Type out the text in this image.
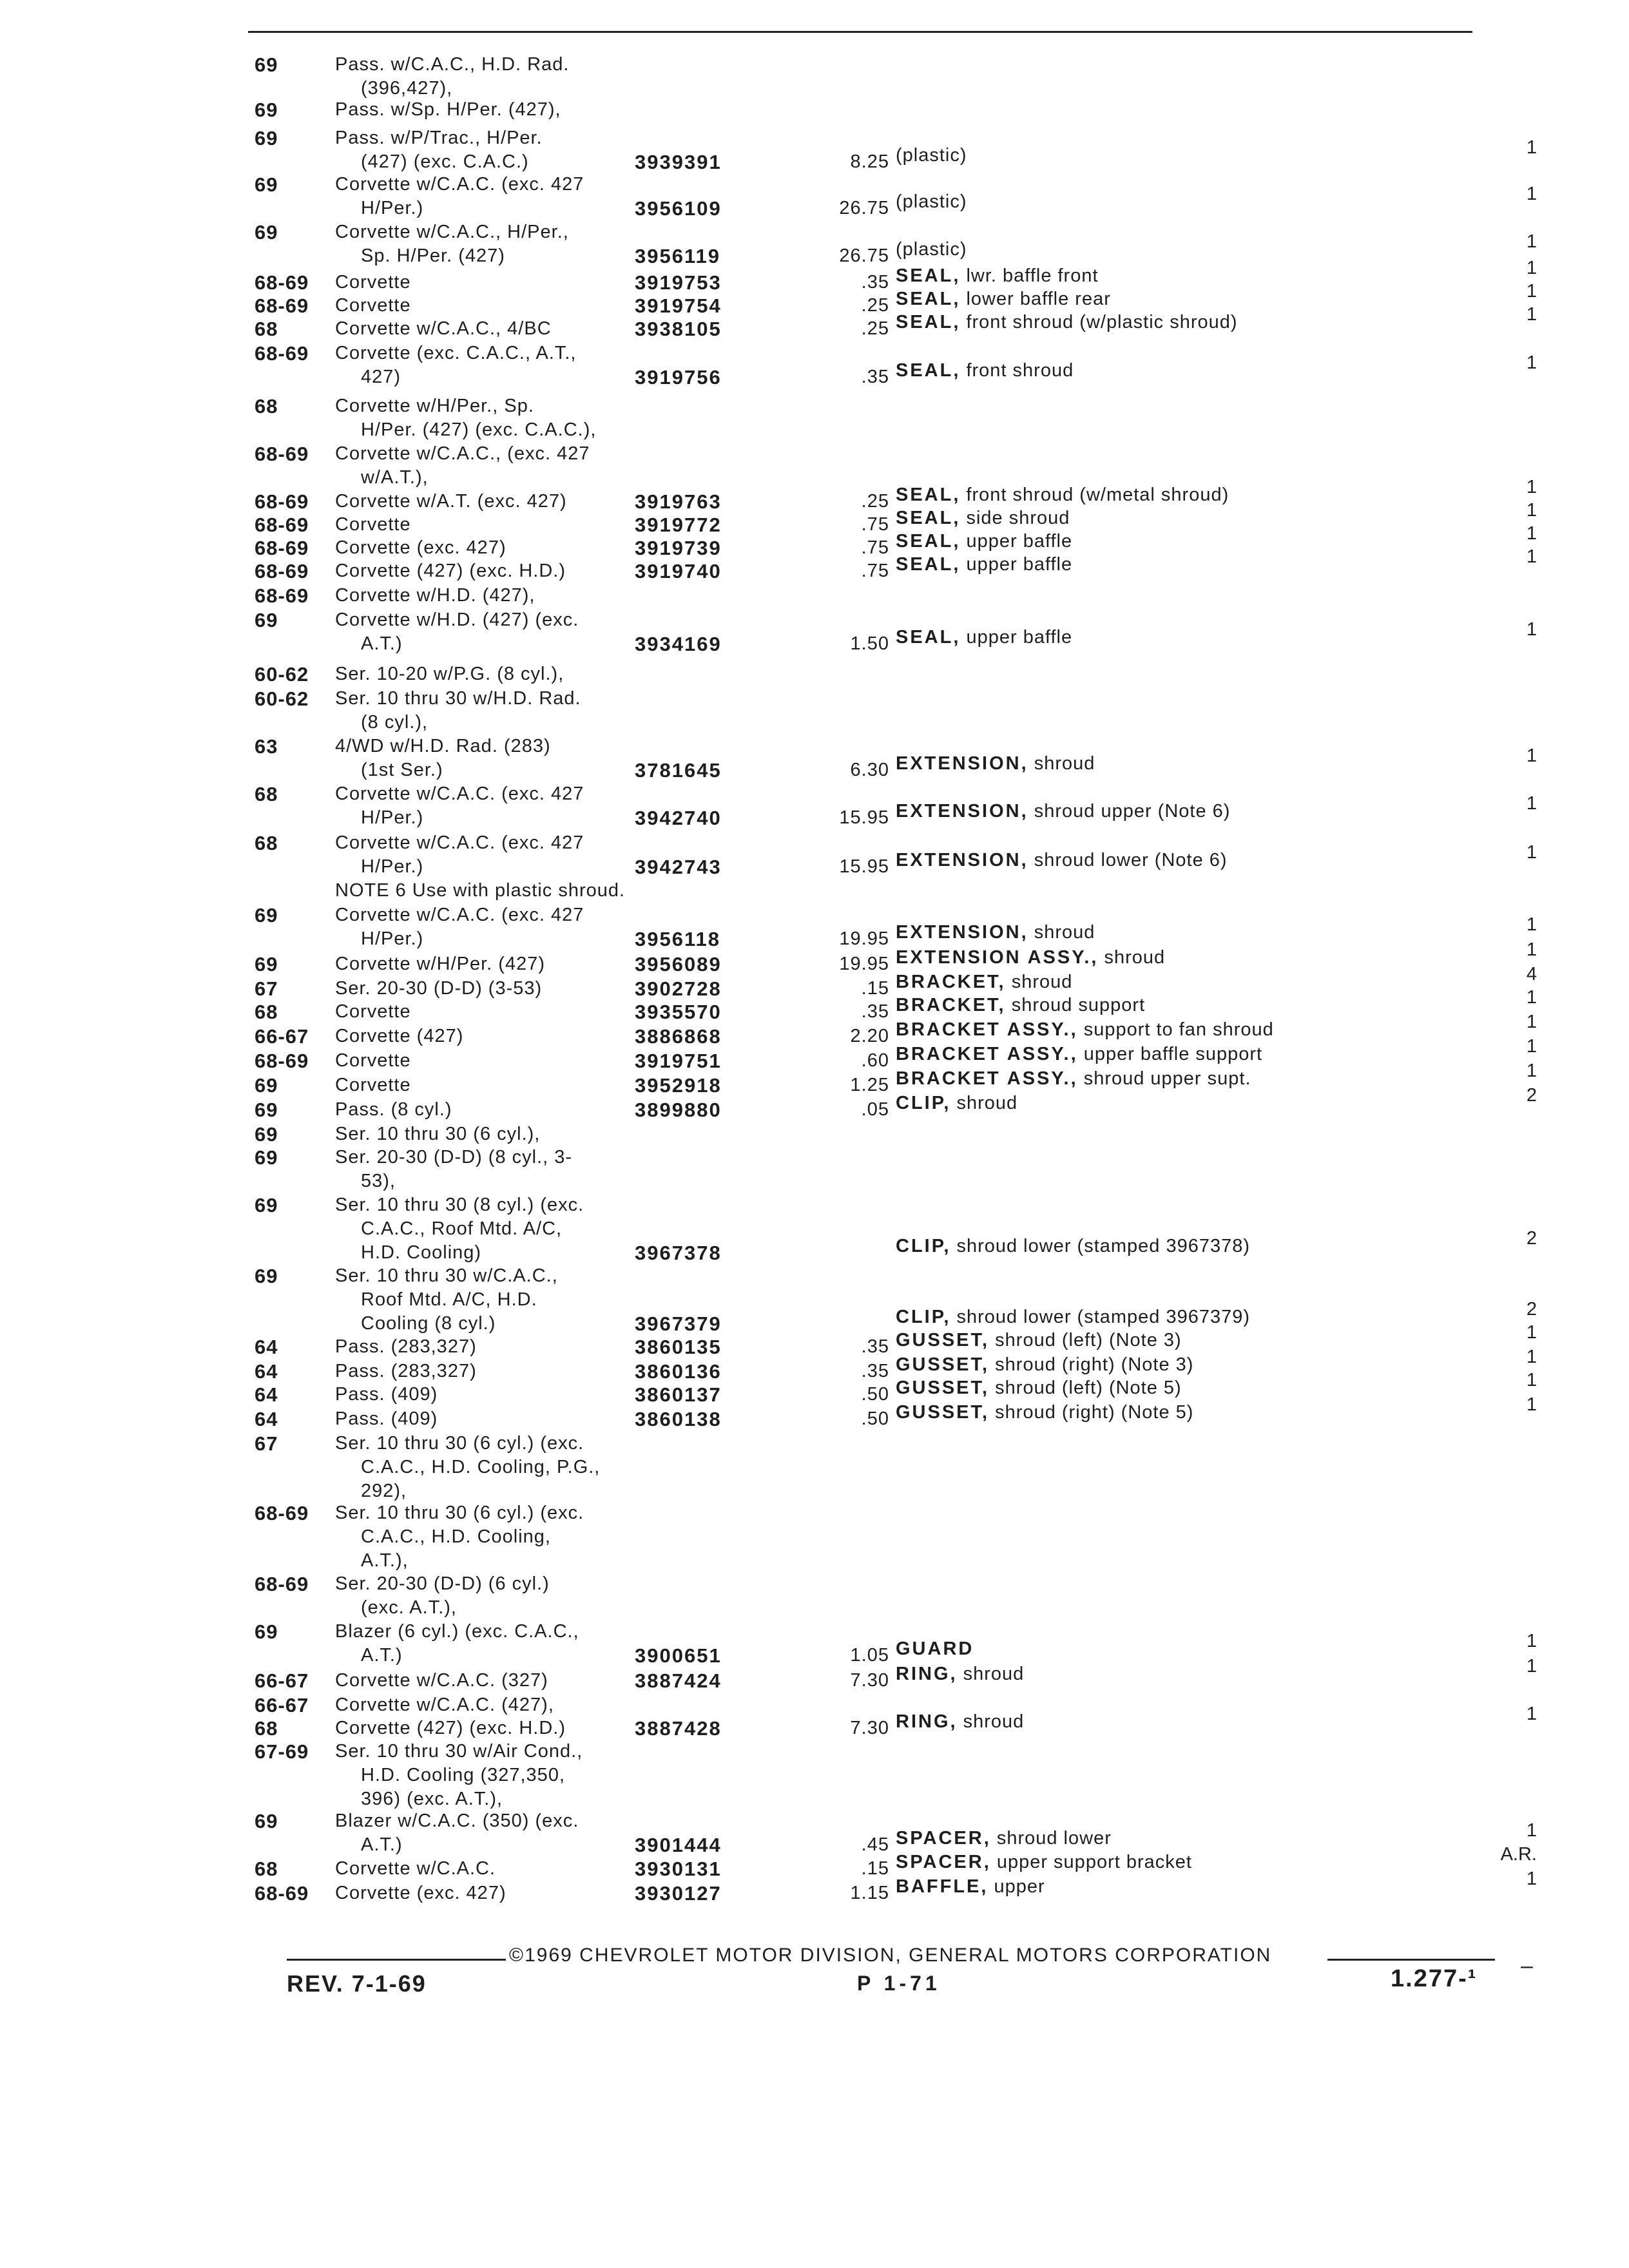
69	Pass. w/C.A.C., H.D. Rad.
(396,427),
69	Pass. w/Sp. H/Per. (427),
69	Pass. w/P/Trac., H/Per.
(427) (exc. C.A.C.)	3939391	8.25 (plastic)	1
69	Corvette w/C.A.C. (exc. 427
H/Per.)	3956109	26.75 (plastic)	1
69	Corvette w/C.A.C., H/Per.,
Sp. H/Per. (427)	3956119	26.75 (plastic)	1
68-69 Corvette	3919753	.35 SEAL, lwr. baffle front	1
68-69 Corvette	3919754	.25 SEAL, lower baffle rear	1
68	Corvette w/C.A.C., 4/BC	3938105	.25 SEAL, front shroud (w/plastic shroud)	1
68-69 Corvette (exc. C.A.C., A.T.,
427)	3919756	.35 SEAL, front shroud	1
68	Corvette w/H/Per., Sp.
H/Per. (427) (exc. C.A.C.),
68-69 Corvette w/C.A.C., (exc. 427
w/A.T.),
68-69 Corvette w/A.T. (exc. 427)	3919763	.25 SEAL, front shroud (w/metal shroud)	1
68-69 Corvette	3919772	.75 SEAL, side shroud	1
68-69 Corvette (exc. 427)	3919739	.75 SEAL, upper baffle	1
68-69 Corvette (427) (exc. H.D.)	3919740	.75 SEAL, upper baffle	1
68-69 Corvette w/H.D. (427),
69	Corvette w/H.D. (427) (exc.
A.T.)	3934169	1.50 SEAL, upper baffle	1
60-62 Ser. 10-20 w/P.G. (8 cyl.),
60-62 Ser. 10 thru 30 w/H.D. Rad.
(8 cyl.),
63	4/WD w/H.D. Rad. (283)
(1st Ser.)	3781645	6.30 EXTENSION, shroud	1
68	Corvette w/C.A.C. (exc. 427
H/Per.)	3942740	15.95 EXTENSION, shroud upper (Note 6)	1
68	Corvette w/C.A.C. (exc. 427
H/Per.)	3942743	15.95 EXTENSION, shroud lower (Note 6)	1
NOTE 6 Use with plastic shroud.
69	Corvette w/C.A.C. (exc. 427
H/Per.)	3956118	19.95 EXTENSION, shroud	1
69	Corvette w/H/Per. (427)	3956089	19.95 EXTENSION ASSY., shroud	1
67	Ser. 20-30 (D-D) (3-53)	3902728	.15 BRACKET, shroud	4
68	Corvette	3935570	.35 BRACKET, shroud support	1
66-67 Corvette (427)	3886868	2.20 BRACKET ASSY., support to fan shroud	1
68-69 Corvette	3919751	.60 BRACKET ASSY., upper baffle support	1
69	Corvette	3952918	1.25 BRACKET ASSY., shroud upper supt.	1
69	Pass. (8 cyl.)	3899880	.05 CLIP, shroud	2
69	Ser. 10 thru 30 (6 cyl.),
69	Ser. 20-30 (D-D) (8 cyl., 3-
53),
69	Ser. 10 thru 30 (8 cyl.) (exc.
C.A.C., Roof Mtd. A/C,
H.D. Cooling)	3967378	CLIP, shroud lower (stamped 3967378)	2
69	Ser. 10 thru 30 w/C.A.C.,
Roof Mtd. A/C, H.D.
Cooling (8 cyl.)	3967379	CLIP, shroud lower (stamped 3967379)	2
64	Pass. (283,327)	3860135	.35 GUSSET, shroud (left) (Note 3)	1
64	Pass. (283,327)	3860136	.35 GUSSET, shroud (right) (Note 3)	1
64	Pass. (409)	3860137	.50 GUSSET, shroud (left) (Note 5)	1
64	Pass. (409)	3860138	.50 GUSSET, shroud (right) (Note 5)	1
67	Ser. 10 thru 30 (6 cyl.) (exc.
C.A.C., H.D. Cooling, P.G.,
292),
68-69 Ser. 10 thru 30 (6 cyl.) (exc.
C.A.C., H.D. Cooling,
A.T.),
68-69 Ser. 20-30 (D-D) (6 cyl.)
(exc. A.T.),
69	Blazer (6 cyl.) (exc. C.A.C.,
A.T.)	3900651	1.05 GUARD	1
66-67 Corvette w/C.A.C. (327)	3887424	7.30 RING, shroud	1
66-67 Corvette w/C.A.C. (427),
68	Corvette (427) (exc. H.D.)	3887428	7.30 RING, shroud	1
67-69 Ser. 10 thru 30 w/Air Cond.,
H.D. Cooling (327,350,
396) (exc. A.T.),
69	Blazer w/C.A.C. (350) (exc.
A.T.)	3901444	.45 SPACER, shroud lower	1
68	Corvette w/C.A.C.	3930131	.15 SPACER, upper support bracket	A.R.
68-69 Corvette (exc. 427)	3930127	1.15 BAFFLE, upper	1
©1969 CHEVROLET MOTOR DIVISION, GENERAL MOTORS CORPORATION
REV. 7-1-69	P 1-71	1.277-¹ –
